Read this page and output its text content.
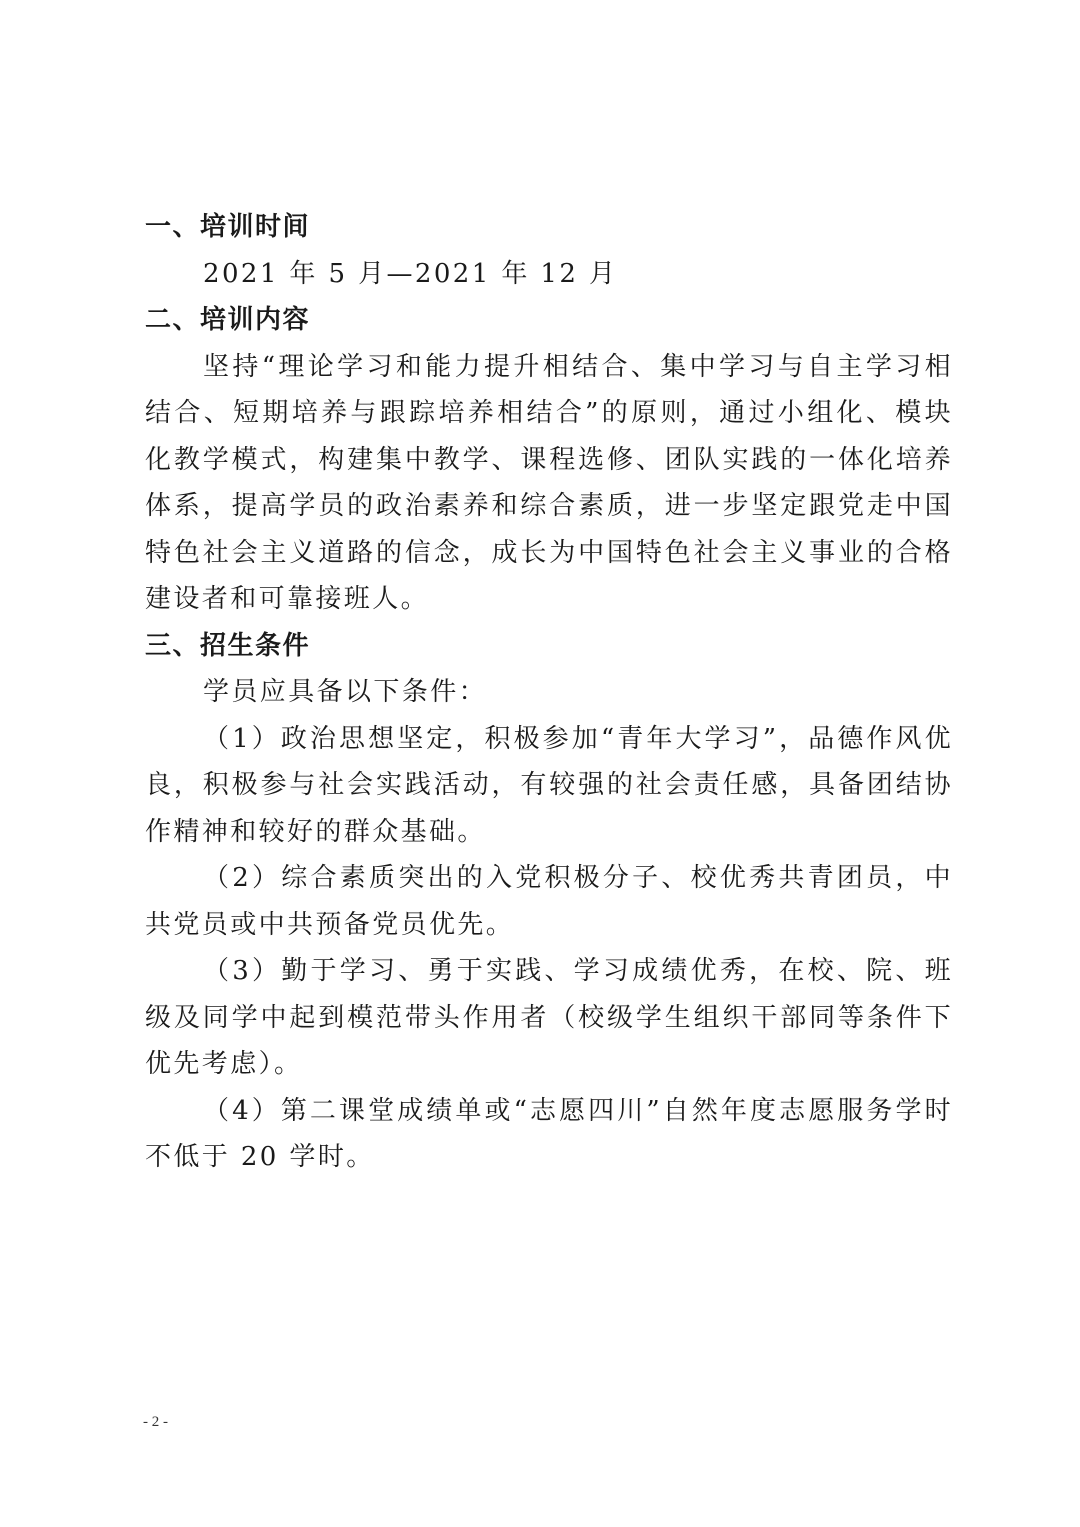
一、培训时间

2021 年 5 月—2021 年 12 月

二、培训内容

坚持“理论学习和能力提升相结合、集中学习与自主学习相结合、短期培养与跟踪培养相结合”的原则，通过小组化、模块化教学模式，构建集中教学、课程选修、团队实践的一体化培养体系，提高学员的政治素养和综合素质，进一步坚定跟党走中国特色社会主义道路的信念，成长为中国特色社会主义事业的合格建设者和可靠接班人。

三、招生条件

学员应具备以下条件：

（1）政治思想坚定，积极参加“青年大学习”，品德作风优良，积极参与社会实践活动，有较强的社会责任感，具备团结协作精神和较好的群众基础。

（2）综合素质突出的入党积极分子、校优秀共青团员，中共党员或中共预备党员优先。

（3）勤于学习、勇于实践、学习成绩优秀，在校、院、班级及同学中起到模范带头作用者（校级学生组织干部同等条件下优先考虑）。

（4）第二课堂成绩单或“志愿四川”自然年度志愿服务学时不低于 20 学时。

- 2 -
